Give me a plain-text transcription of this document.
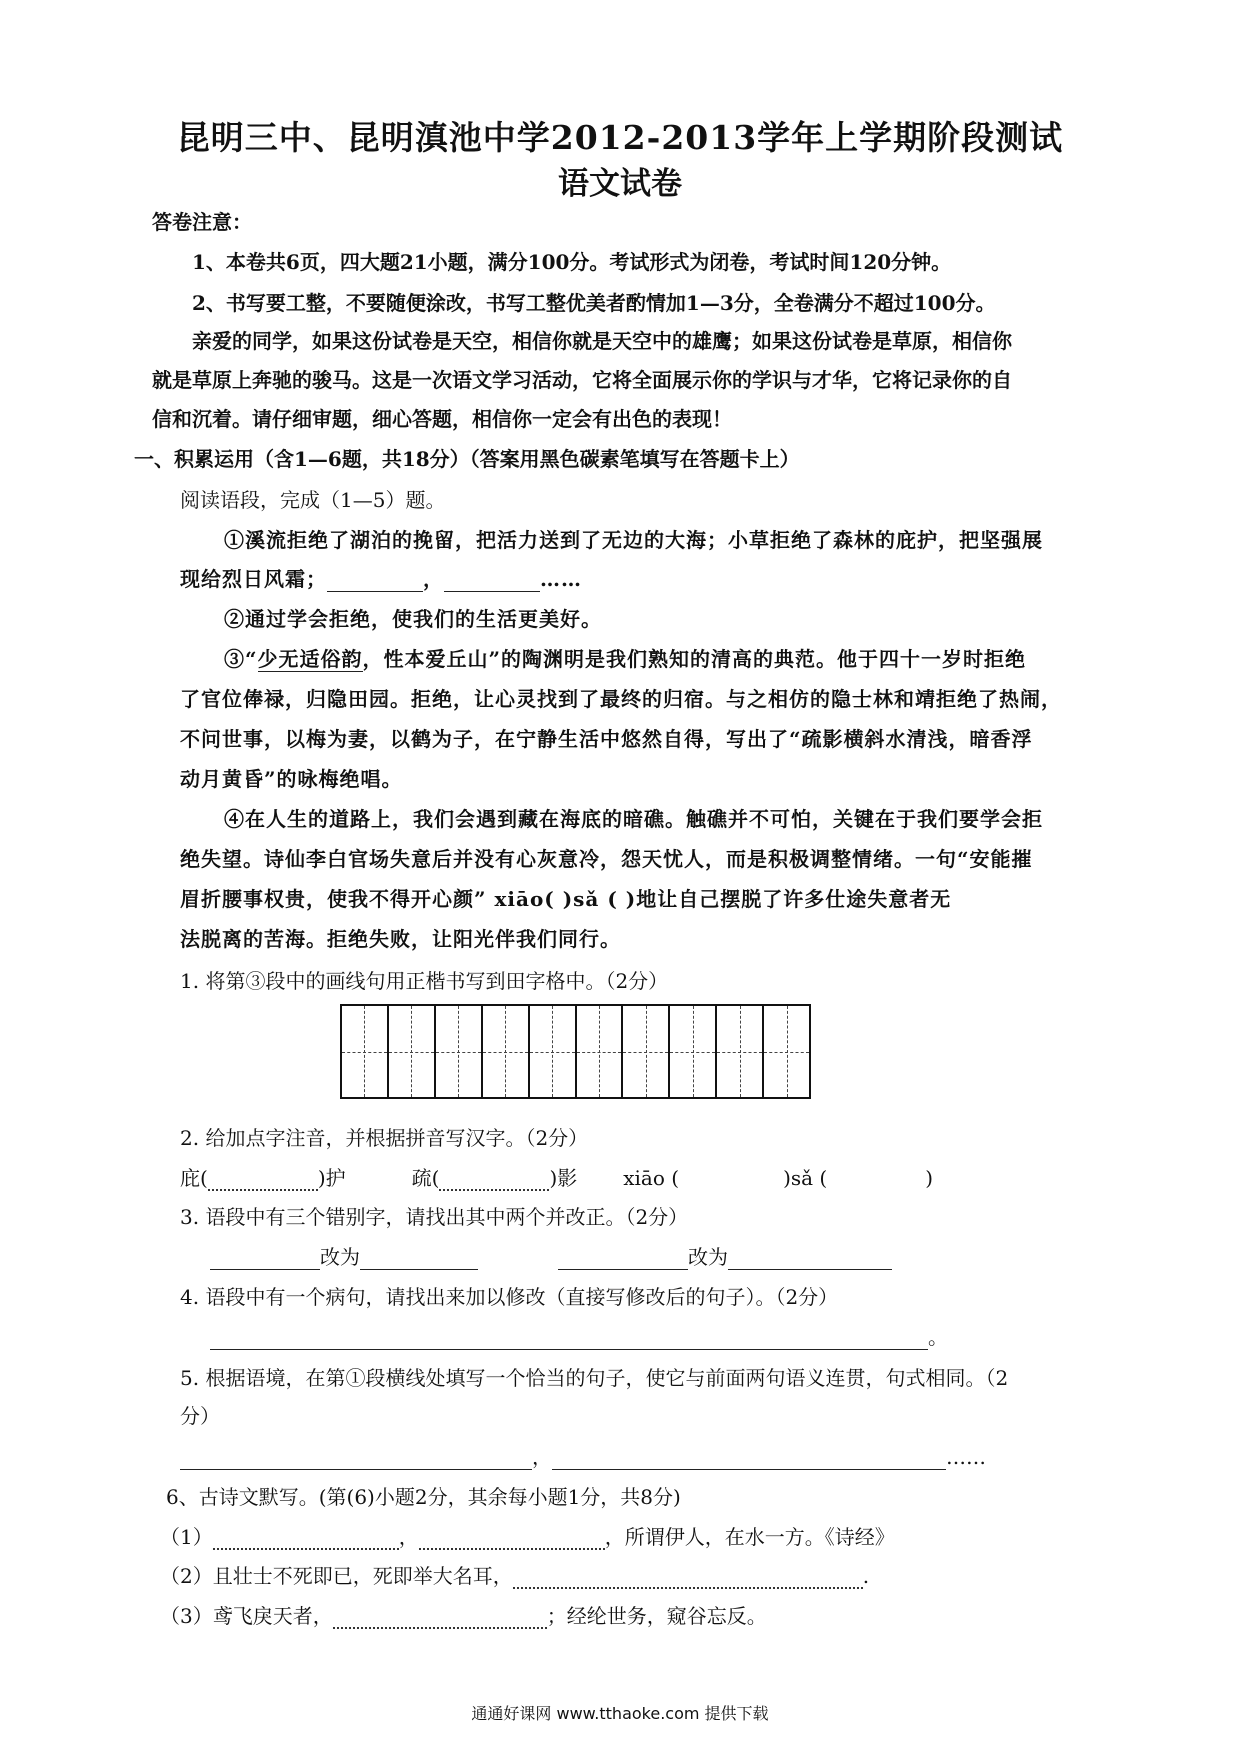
昆明三中、昆明滇池中学2012-2013学年上学期阶段测试
语文试卷
答卷注意：
1、本卷共6页，四大题21小题，满分100分。考试形式为闭卷，考试时间120分钟。
2、书写要工整，不要随便涂改，书写工整优美者酌情加1—3分，全卷满分不超过100分。
亲爱的同学，如果这份试卷是天空，相信你就是天空中的雄鹰；如果这份试卷是草原，相信你
就是草原上奔驰的骏马。这是一次语文学习活动，它将全面展示你的学识与才华，它将记录你的自
信和沉着。请仔细审题，细心答题，相信你一定会有出色的表现！
一、积累运用（含1—6题，共18分）（答案用黑色碳素笔填写在答题卡上）
阅读语段，完成（1—5）题。
①溪流拒绝了湖泊的挽留，把活力送到了无边的大海；小草拒绝了森林的庇护，把坚强展
现给烈日风霜；	，	……
②通过学会拒绝，使我们的生活更美好。
③“少无适俗韵，性本爱丘山”的陶渊明是我们熟知的清高的典范。他于四十一岁时拒绝
了官位俸禄，归隐田园。拒绝，让心灵找到了最终的归宿。与之相仿的隐士林和靖拒绝了热闹，
不问世事，以梅为妻，以鹤为子，在宁静生活中悠然自得，写出了“疏影横斜水清浅，暗香浮
动月黄昏”的咏梅绝唱。
④在人生的道路上，我们会遇到藏在海底的暗礁。触礁并不可怕，关键在于我们要学会拒
绝失望。诗仙李白官场失意后并没有心灰意冷，怨天忧人，而是积极调整情绪。一句“安能摧
眉折腰事权贵，使我不得开心颜” xiāo( )sǎ ( )地让自己摆脱了许多仕途失意者无
法脱离的苦海。拒绝失败，让阳光伴我们同行。
1. 将第③段中的画线句用正楷书写到田字格中。（2分）
2. 给加点字注音，并根据拼音写汉字。（2分）
庇(	)护	疏(	)影 xiāo (	)sǎ (	)
3. 语段中有三个错别字，请找出其中两个并改正。（2分）
改为	改为
4. 语段中有一个病句，请找出来加以修改（直接写修改后的句子）。（2分）
。
5. 根据语境，在第①段横线处填写一个恰当的句子，使它与前面两句语义连贯，句式相同。（2
分）
，	……
6、古诗文默写。(第(6)小题2分，其余每小题1分，共8分)
（1）	，	，所谓伊人，在水一方。《诗经》
（2）且壮士不死即已，死即举大名耳，	.
（3）鸢飞戾天者，	；经纶世务，窥谷忘反。
通通好课网 www.tthaoke.com 提供下载
